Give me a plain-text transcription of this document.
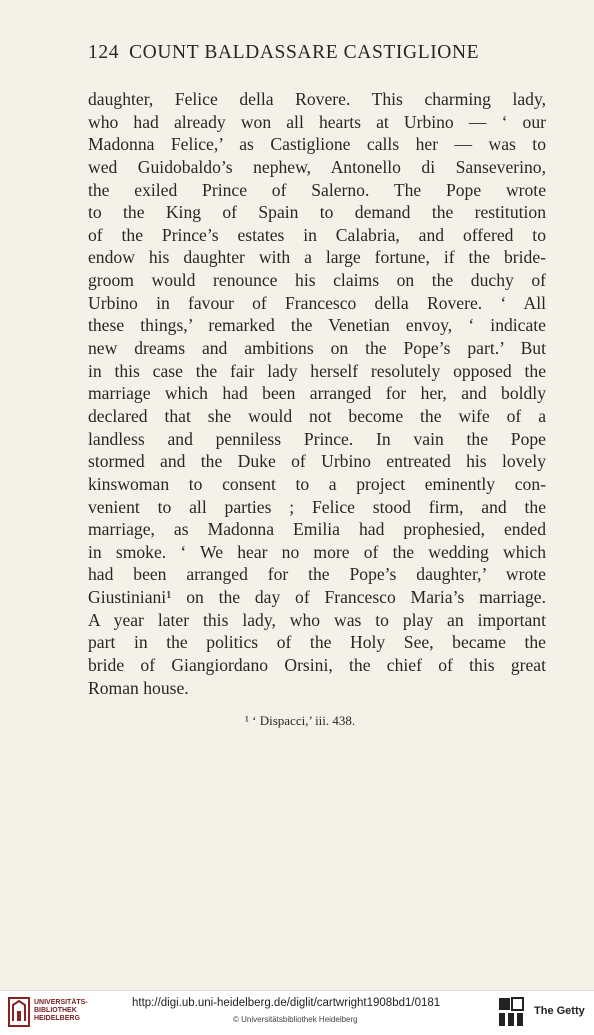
124 COUNT BALDASSARE CASTIGLIONE
daughter, Felice della Rovere. This charming lady,
who had already won all hearts at Urbino — ‘ our
Madonna Felice,’ as Castiglione calls her — was to
wed Guidobaldo’s nephew, Antonello di Sanseverino,
the exiled Prince of Salerno. The Pope wrote
to the King of Spain to demand the restitution
of the Prince’s estates in Calabria, and offered to
endow his daughter with a large fortune, if the bride-
groom would renounce his claims on the duchy of
Urbino in favour of Francesco della Rovere. ‘ All
these things,’ remarked the Venetian envoy, ‘ indicate
new dreams and ambitions on the Pope’s part.’ But
in this case the fair lady herself resolutely opposed the
marriage which had been arranged for her, and boldly
declared that she would not become the wife of a
landless and penniless Prince. In vain the Pope
stormed and the Duke of Urbino entreated his lovely
kinswoman to consent to a project eminently con-
venient to all parties ; Felice stood firm, and the
marriage, as Madonna Emilia had prophesied, ended
in smoke. ‘ We hear no more of the wedding which
had been arranged for the Pope’s daughter,’ wrote
Giustiniani¹ on the day of Francesco Maria’s marriage.
A year later this lady, who was to play an important
part in the politics of the Holy See, became the
bride of Giangiordano Orsini, the chief of this great
Roman house.
¹ ‘ Dispacci,’ iii. 438.
UNIVERSITÄTS-
BIBLIOTHEK
HEIDELBERG
http://digi.ub.uni-heidelberg.de/diglit/cartwright1908bd1/0181
© Universitätsbibliothek Heidelberg
The Getty
